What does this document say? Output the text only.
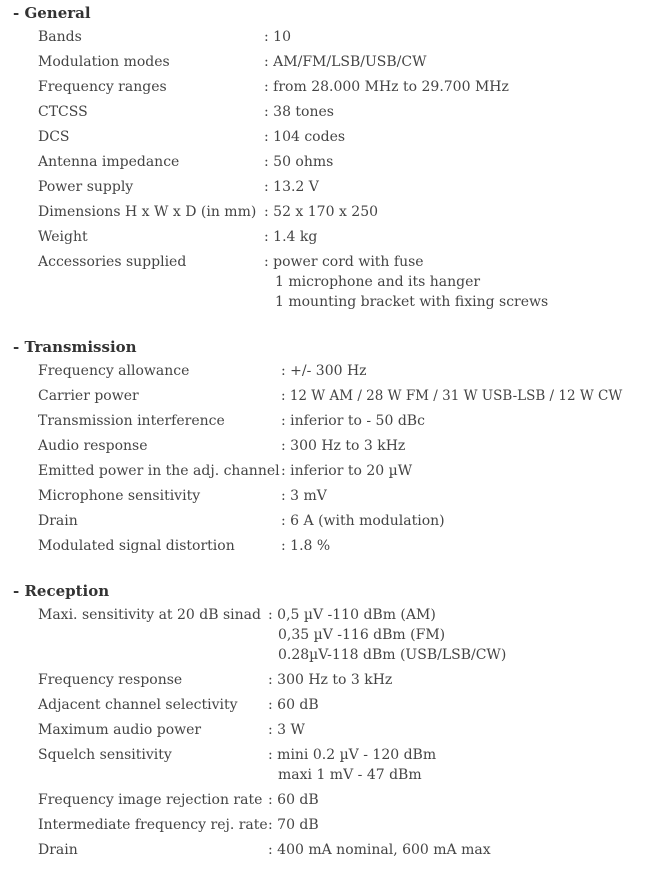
- General
Bands	: 10
Modulation modes	: AM/FM/LSB/USB/CW
Frequency ranges	: from 28.000 MHz to 29.700 MHz
CTCSS	: 38 tones
DCS	: 104 codes
Antenna impedance	: 50 ohms
Power supply	: 13.2 V
Dimensions H x W x D (in mm) : 52 x 170 x 250
Weight	: 1.4 kg
Accessories supplied	: power cord with fuse
1 microphone and its hanger
1 mounting bracket with fixing screws
- Transmission
Frequency allowance	: +/- 300 Hz
Carrier power	: 12 W AM / 28 W FM / 31 W USB-LSB / 12 W CW
Transmission interference	: inferior to - 50 dBc
Audio response	: 300 Hz to 3 kHz
Emitted power in the adj. channel : inferior to 20 µW
Microphone sensitivity	: 3 mV
Drain	: 6 A (with modulation)
Modulated signal distortion	: 1.8 %
- Reception
Maxi. sensitivity at 20 dB sinad : 0,5 µV -110 dBm (AM)
0,35 µV -116 dBm (FM)
0.28µV-118 dBm (USB/LSB/CW)
Frequency response	: 300 Hz to 3 kHz
Adjacent channel selectivity : 60 dB
Maximum audio power	: 3 W
Squelch sensitivity	: mini 0.2 µV - 120 dBm
maxi 1 mV - 47 dBm
Frequency image rejection rate : 60 dB
Intermediate frequency rej. rate : 70 dB
Drain	: 400 mA nominal, 600 mA max
